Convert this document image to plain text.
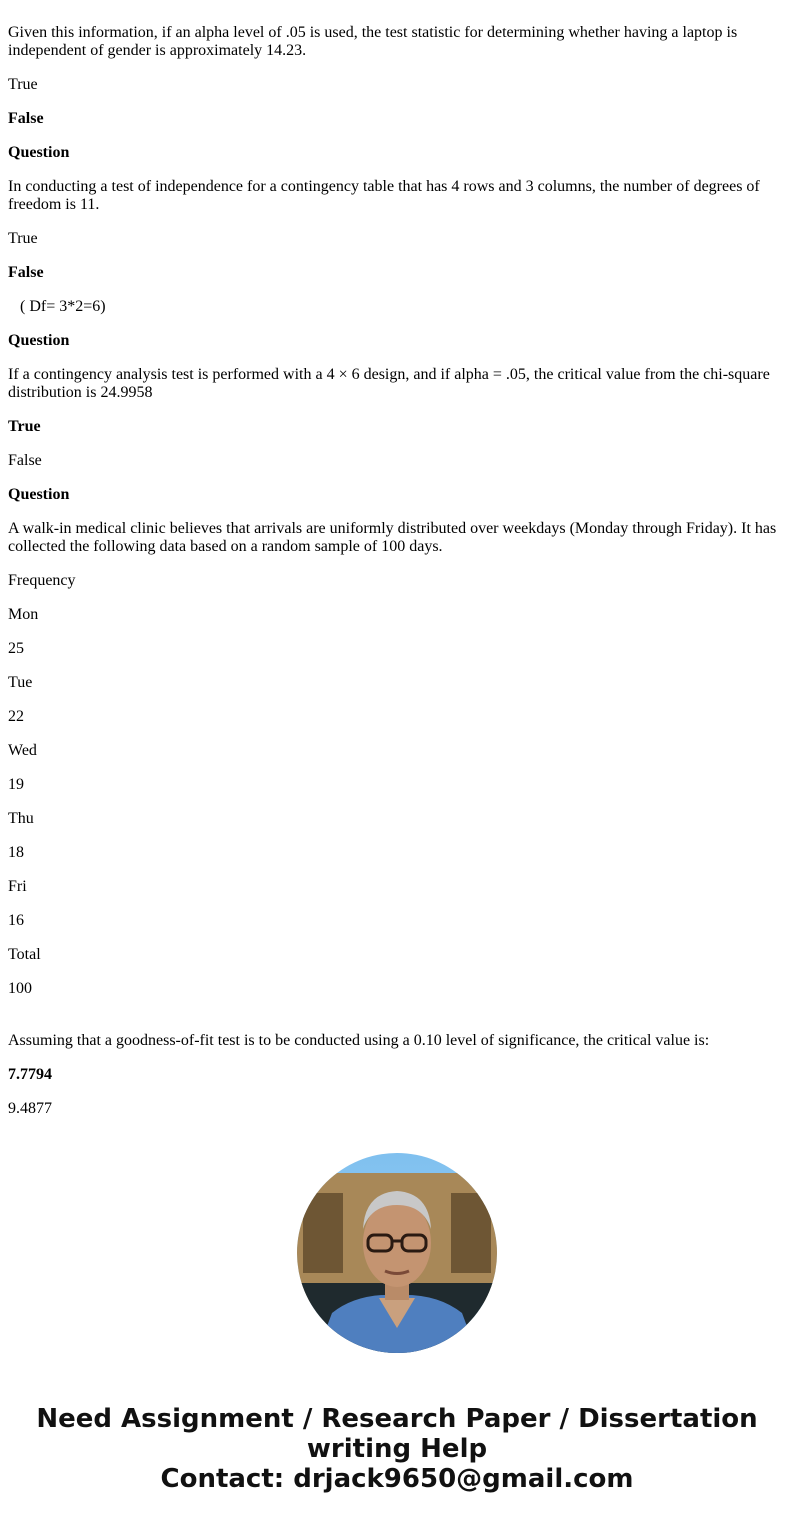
Given this information, if an alpha level of .05 is used, the test statistic for determining whether having a laptop is independent of gender is approximately 14.23.

True

False

Question

In conducting a test of independence for a contingency table that has 4 rows and 3 columns, the number of degrees of freedom is 11.

True

False

( Df= 3*2=6)

Question

If a contingency analysis test is performed with a 4 × 6 design, and if alpha = .05, the critical value from the chi-square distribution is 24.9958

True

False

Question

A walk-in medical clinic believes that arrivals are uniformly distributed over weekdays (Monday through Friday). It has collected the following data based on a random sample of 100 days.

Frequency

Mon

25

Tue

22

Wed

19

Thu

18

Fri

16

Total

100

Assuming that a goodness-of-fit test is to be conducted using a 0.10 level of significance, the critical value is:

7.7794

9.4877

Need Assignment / Research Paper / Dissertation
writing Help
Contact: drjack9650@gmail.com
